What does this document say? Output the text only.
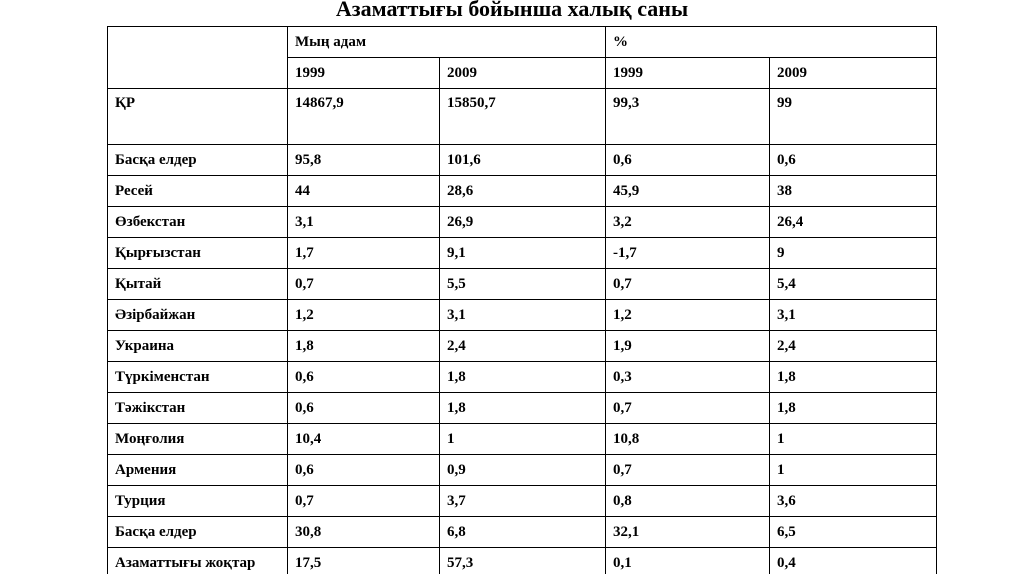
Азаматтығы бойынша халық саны
	Мың адам		%	
	1999	2009	1999	2009
ҚР	14867,9	15850,7	99,3	99
Басқа елдер	95,8	101,6	0,6	0,6
Ресей	44	28,6	45,9	38
Өзбекстан	3,1	26,9	3,2	26,4
Қырғызстан	1,7	9,1	-1,7	9
Қытай	0,7	5,5	0,7	5,4
Әзірбайжан	1,2	3,1	1,2	3,1
Украина	1,8	2,4	1,9	2,4
Түркіменстан	0,6	1,8	0,3	1,8
Тәжікстан	0,6	1,8	0,7	1,8
Моңғолия	10,4	1	10,8	1
Армения	0,6	0,9	0,7	1
Турция	0,7	3,7	0,8	3,6
Басқа елдер	30,8	6,8	32,1	6,5
Азаматтығы жоқтар	17,5	57,3	0,1	0,4
